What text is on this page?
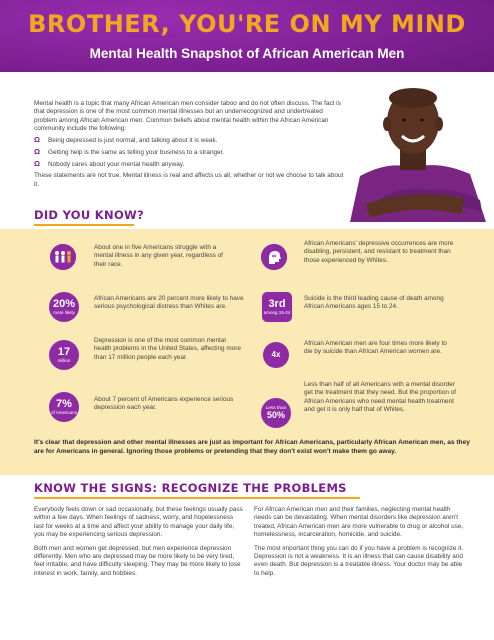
BROTHER, YOU'RE ON MY MIND
Mental Health Snapshot of African American Men

Mental health is a topic that many African American men consider taboo and do not often discuss. The fact is that depression is one of the most common mental illnesses but an underrecognized and undertreated problem among African American men. Common beliefs about mental health within the African American community include the following:

Ω Being depressed is just normal, and talking about it is weak.
Ω Getting help is the same as telling your business to a stranger.
Ω Nobody cares about your mental health anyway.

These statements are not true. Mental illness is real and affects us all, whether or not we choose to talk about it.

DID YOU KNOW?
About one in five Americans struggle with a mental illness in any given year, regardless of their race.
20%
more likely
African Americans are 20 percent more likely to have serious psychological distress than Whites are.
17
million
Depression is one of the most common mental health problems in the United States, affecting more than 17 million people each year.
7%
of Americans
About 7 percent of Americans experience serious depression each year.
African Americans' depressive occurrences are more disabling, persistent, and resistant to treatment than those experienced by Whites.
3rd
among 15-24
Suicide is the third leading cause of death among African Americans ages 15 to 24.
4x
African American men are four times more likely to die by suicide than African American women are.
Less than
50%
Less than half of all Americans with a mental disorder get the treatment that they need. But the proportion of African Americans who need mental health treatment and get it is only half that of Whites.
It's clear that depression and other mental illnesses are just as important for African Americans, particularly African American men, as they are for Americans in general. Ignoring those problems or pretending that they don't exist won't make them go away.
KNOW THE SIGNS: RECOGNIZE THE PROBLEMS

Everybody feels down or sad occasionally, but these feelings usually pass within a few days. When feelings of sadness, worry, and hopelessness last for weeks at a time and affect your ability to manage your daily life, you may be experiencing serious depression.

Both men and women get depressed, but men experience depression differently. Men who are depressed may be more likely to be very tired, feel irritable, and have difficulty sleeping. They may be more likely to lose interest in work, family, and hobbies.

For African American men and their families, neglecting mental health needs can be devastating. When mental disorders like depression aren't treated, African American men are more vulnerable to drug or alcohol use, homelessness, incarceration, homicide, and suicide.

The most important thing you can do if you have a problem is recognize it. Depression is not a weakness. It is an illness that can cause disability and even death. But depression is a treatable illness. Your doctor may be able to help.
